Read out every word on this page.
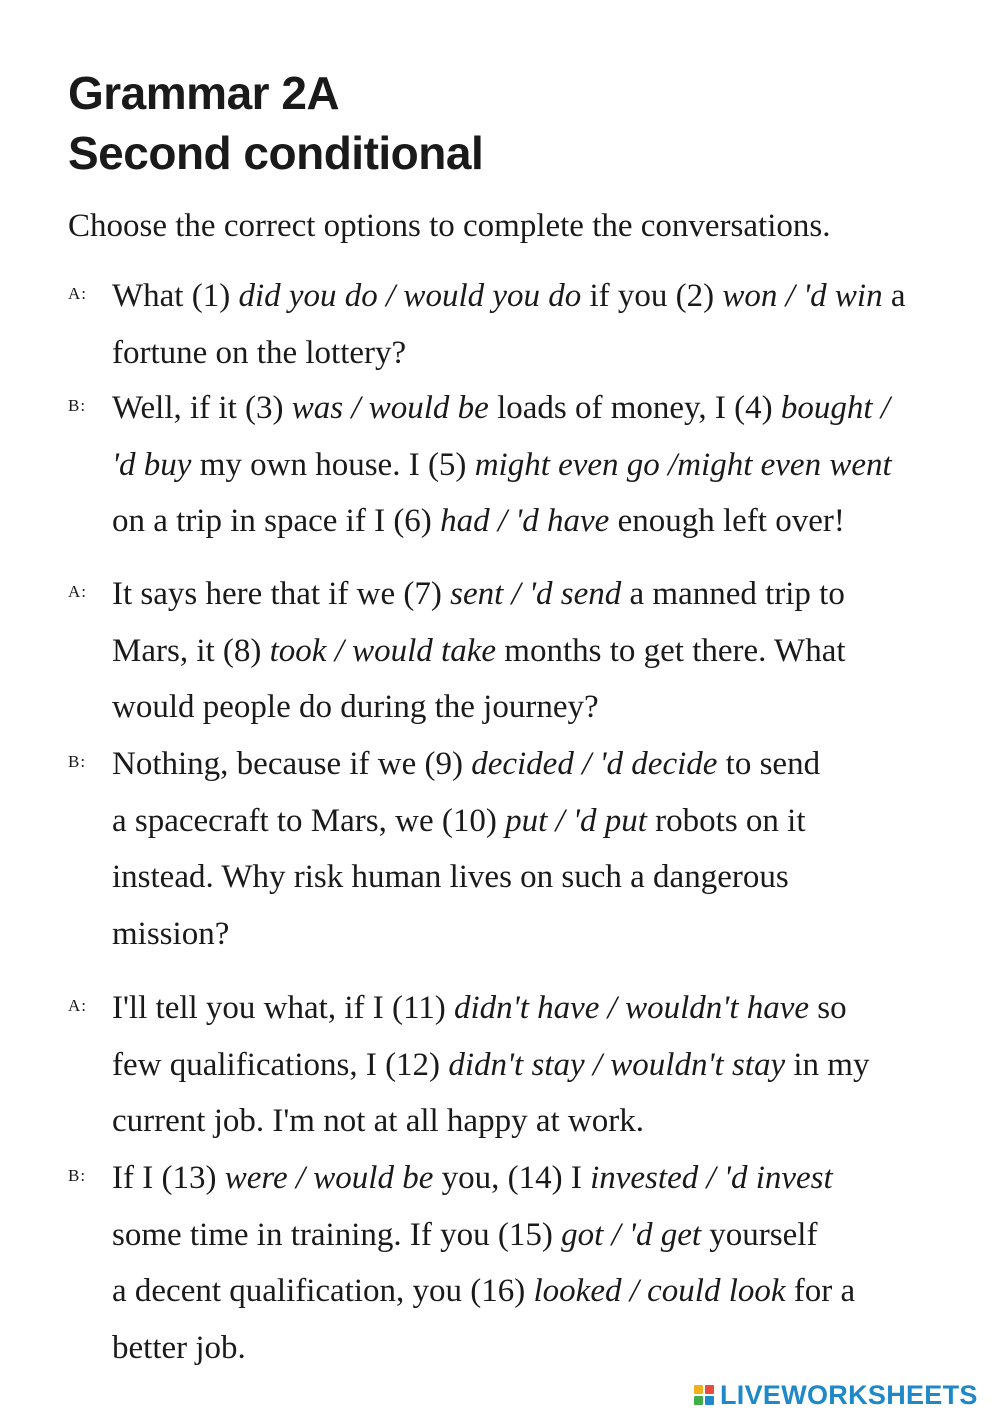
Grammar 2A
Second conditional
Choose the correct options to complete the conversations.
A: What (1) did you do / would you do if you (2) won / 'd win a
fortune on the lottery?
B: Well, if it (3) was / would be loads of money, I (4) bought /
'd buy my own house. I (5) might even go /might even went
on a trip in space if I (6) had / 'd have enough left over!
A: It says here that if we (7) sent / 'd send a manned trip to
Mars, it (8) took / would take months to get there. What
would people do during the journey?
B: Nothing, because if we (9) decided / 'd decide to send
a spacecraft to Mars, we (10) put / 'd put robots on it
instead. Why risk human lives on such a dangerous
mission?
A: I'll tell you what, if I (11) didn't have / wouldn't have so
few qualifications, I (12) didn't stay / wouldn't stay in my
current job. I'm not at all happy at work.
B: If I (13) were / would be you, (14) I invested / 'd invest
some time in training. If you (15) got / 'd get yourself
a decent qualification, you (16) looked / could look for a
better job.
LIVEWORKSHEETS
